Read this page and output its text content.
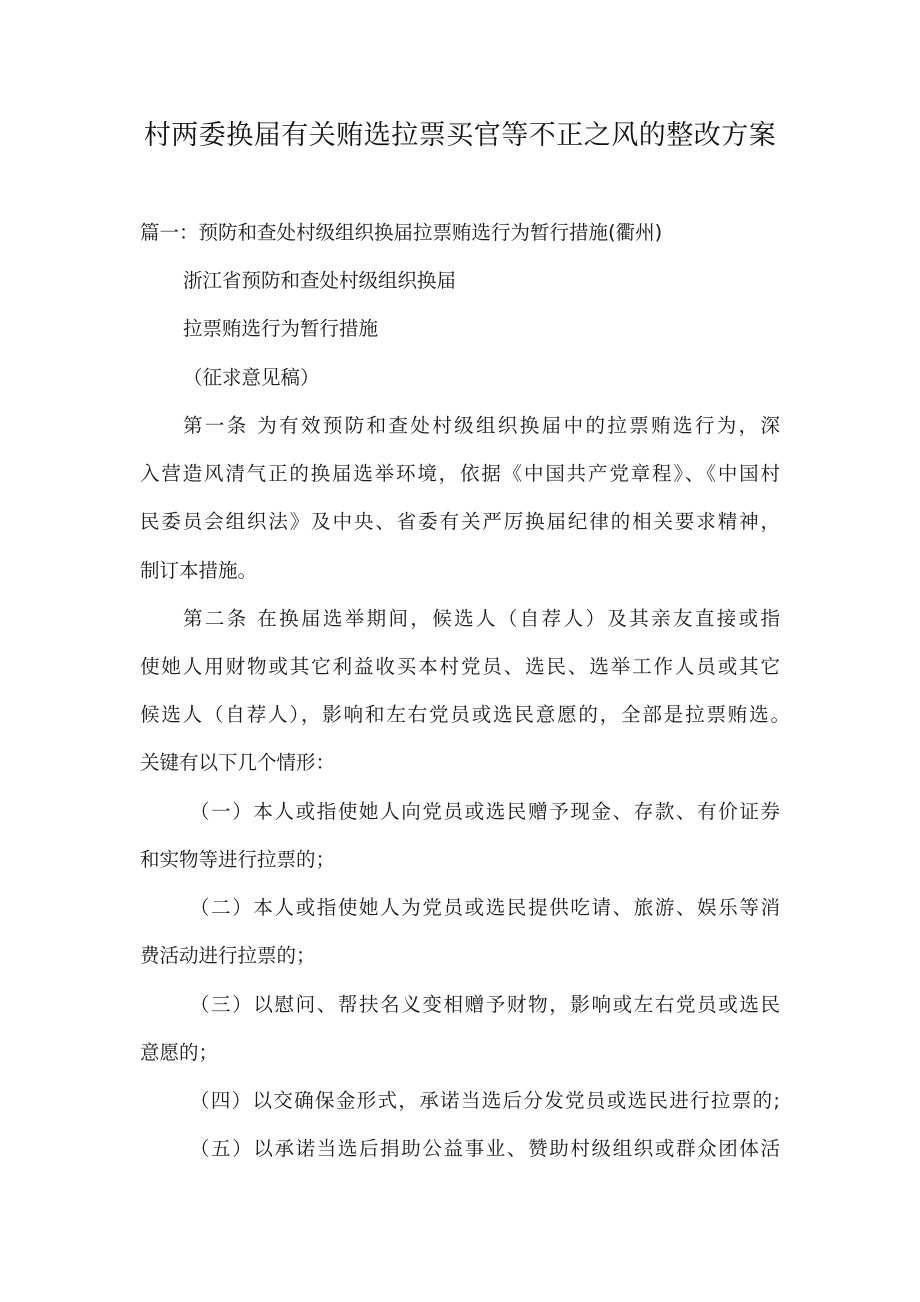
村两委换届有关贿选拉票买官等不正之风的整改方案
篇一：预防和查处村级组织换届拉票贿选行为暂行措施(衢州)
浙江省预防和查处村级组织换届
拉票贿选行为暂行措施
（征求意见稿）
第一条 为有效预防和查处村级组织换届中的拉票贿选行为，深
入营造风清气正的换届选举环境，依据《中国共产党章程》、《中国村
民委员会组织法》及中央、省委有关严厉换届纪律的相关要求精神，
制订本措施。
第二条 在换届选举期间，候选人（自荐人）及其亲友直接或指
使她人用财物或其它利益收买本村党员、选民、选举工作人员或其它
候选人（自荐人），影响和左右党员或选民意愿的，全部是拉票贿选。
关键有以下几个情形：
（一）本人或指使她人向党员或选民赠予现金、存款、有价证券
和实物等进行拉票的；
（二）本人或指使她人为党员或选民提供吃请、旅游、娱乐等消
费活动进行拉票的；
（三）以慰问、帮扶名义变相赠予财物，影响或左右党员或选民
意愿的；
（四）以交确保金形式，承诺当选后分发党员或选民进行拉票的;
（五）以承诺当选后捐助公益事业、赞助村级组织或群众团体活
